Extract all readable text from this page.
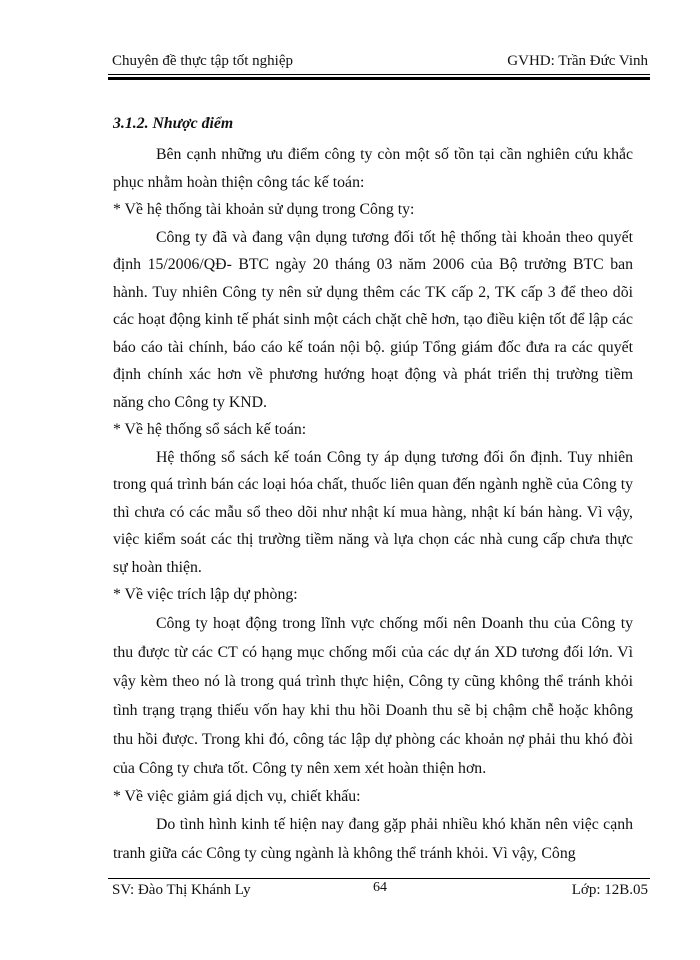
Chuyên đề thực tập tốt nghiệp	GVHD: Trần Đức Vinh

3.1.2. Nhược điểm

Bên cạnh những ưu điểm công ty còn một số tồn tại cần nghiên cứu khắc phục nhằm hoàn thiện công tác kế toán:

* Về hệ thống tài khoản sử dụng trong Công ty:

Công ty đã và đang vận dụng tương đối tốt hệ thống tài khoản theo quyết định 15/2006/QĐ- BTC ngày 20 tháng 03 năm 2006 của Bộ trưởng BTC ban hành. Tuy nhiên Công ty nên sử dụng thêm các TK cấp 2, TK cấp 3 để theo dõi các hoạt động kinh tế phát sinh một cách chặt chẽ hơn, tạo điều kiện tốt để lập các báo cáo tài chính, báo cáo kế toán nội bộ. giúp Tổng giám đốc đưa ra các quyết định chính xác hơn về phương hướng hoạt động và phát triển thị trường tiềm năng cho Công ty KND.

* Về hệ thống sổ sách kế toán:

Hệ thống sổ sách kế toán Công ty áp dụng tương đối ổn định. Tuy nhiên trong quá trình bán các loại hóa chất, thuốc liên quan đến ngành nghề của Công ty thì chưa có các mẫu sổ theo dõi như nhật kí mua hàng, nhật kí bán hàng. Vì vậy, việc kiểm soát các thị trường tiềm năng và lựa chọn các nhà cung cấp chưa thực sự hoàn thiện.

* Về việc trích lập dự phòng:

Công ty hoạt động trong lĩnh vực chống mối nên Doanh thu của Công ty thu được từ các CT có hạng mục chống mối của các dự án XD tương đối lớn. Vì vậy kèm theo nó là trong quá trình thực hiện, Công ty cũng không thể tránh khỏi tình trạng trạng thiếu vốn hay khi thu hồi Doanh thu sẽ bị chậm chễ hoặc không thu hồi được. Trong khi đó, công tác lập dự phòng các khoản nợ phải thu khó đòi của Công ty chưa tốt. Công ty nên xem xét hoàn thiện hơn.

* Về việc giảm giá dịch vụ, chiết khấu:

Do tình hình kinh tế hiện nay đang gặp phải nhiều khó khăn nên việc cạnh tranh giữa các Công ty cùng ngành là không thể tránh khỏi. Vì vậy, Công

SV: Đào Thị Khánh Ly	64	Lớp: 12B.05
